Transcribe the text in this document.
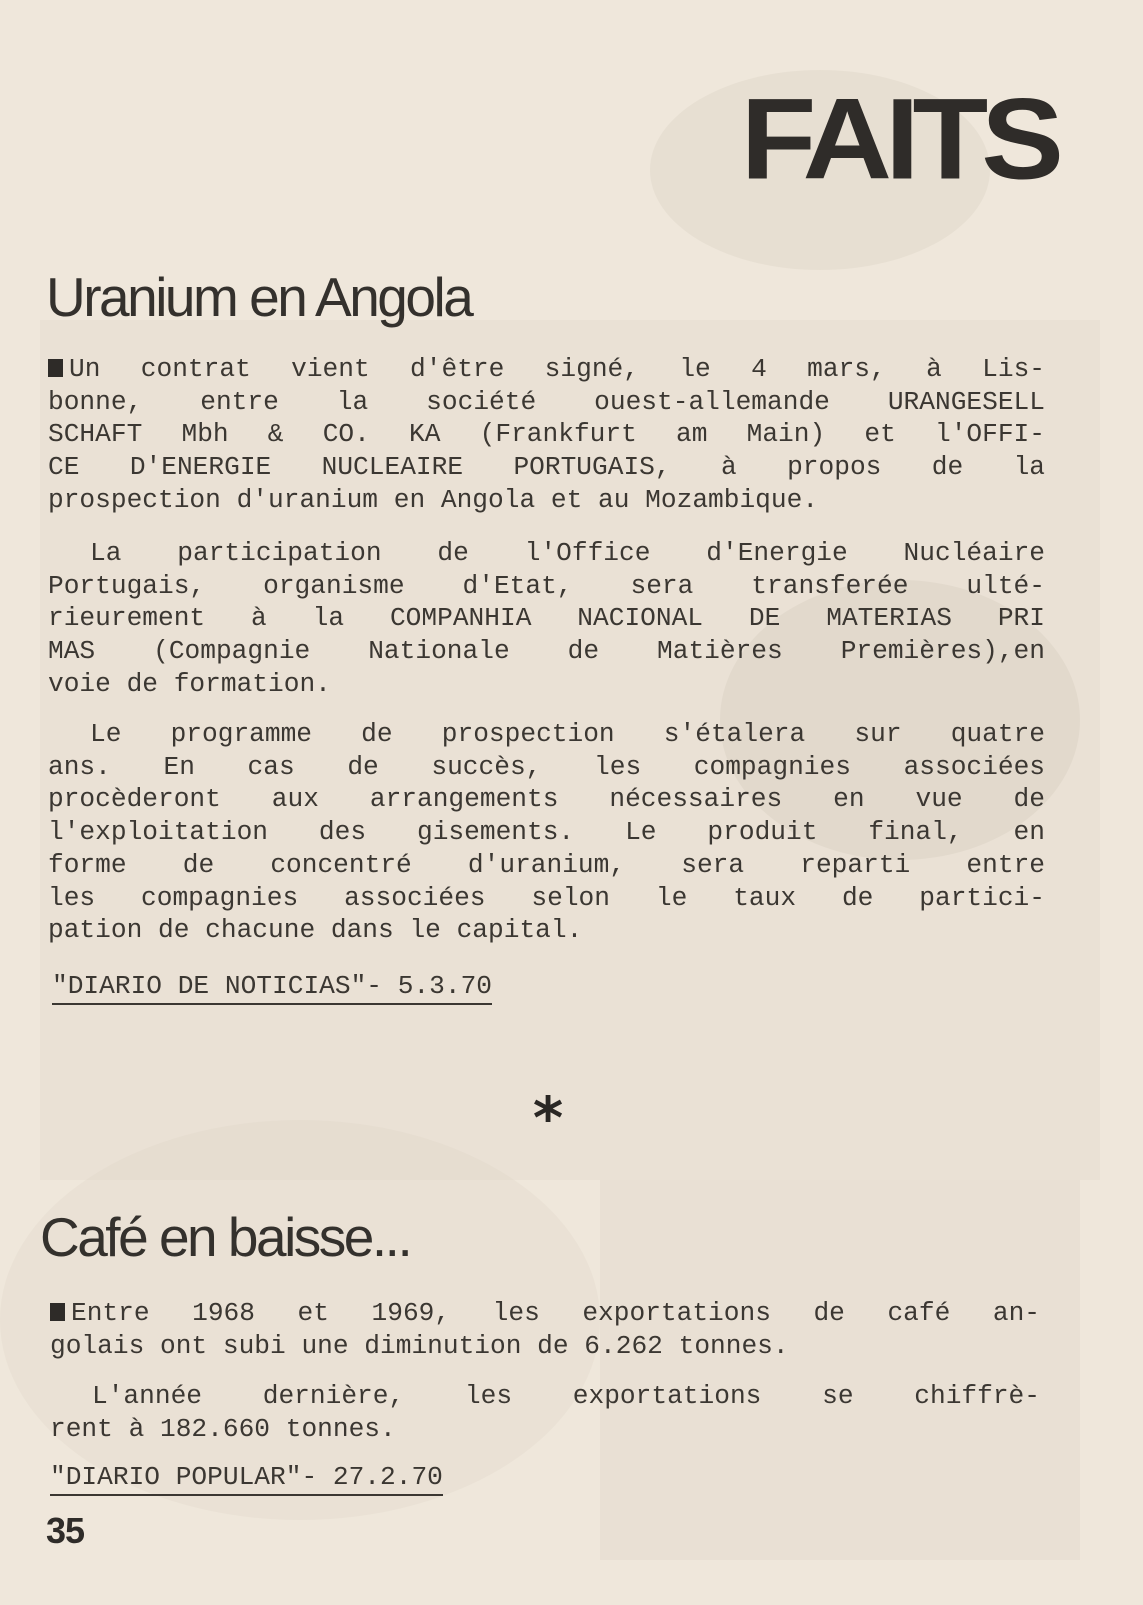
FAITS
Uranium en Angola
Un contrat vient d'être signé, le 4 mars, à Lis-
bonne, entre la société ouest-allemande URANGESELL
SCHAFT Mbh & CO. KA (Frankfurt am Main) et l'OFFI-
CE D'ENERGIE NUCLEAIRE PORTUGAIS, à propos de la
prospection d'uranium en Angola et au Mozambique.
La participation de l'Office d'Energie Nucléaire
Portugais, organisme d'Etat, sera transferée ulté-
rieurement à la COMPANHIA NACIONAL DE MATERIAS PRI
MAS (Compagnie Nationale de Matières Premières),en
voie de formation.
Le programme de prospection s'étalera sur quatre
ans. En cas de succès, les compagnies associées
procèderont aux arrangements nécessaires en vue de
l'exploitation des gisements. Le produit final, en
forme de concentré d'uranium, sera reparti entre
les compagnies associées selon le taux de partici-
pation de chacune dans le capital.
"DIARIO DE NOTICIAS"- 5.3.70
*
Café en baisse...
Entre 1968 et 1969, les exportations de café an-
golais ont subi une diminution de 6.262 tonnes.
L'année dernière, les exportations se chiffrè-
rent à 182.660 tonnes.
"DIARIO POPULAR"- 27.2.70
35
